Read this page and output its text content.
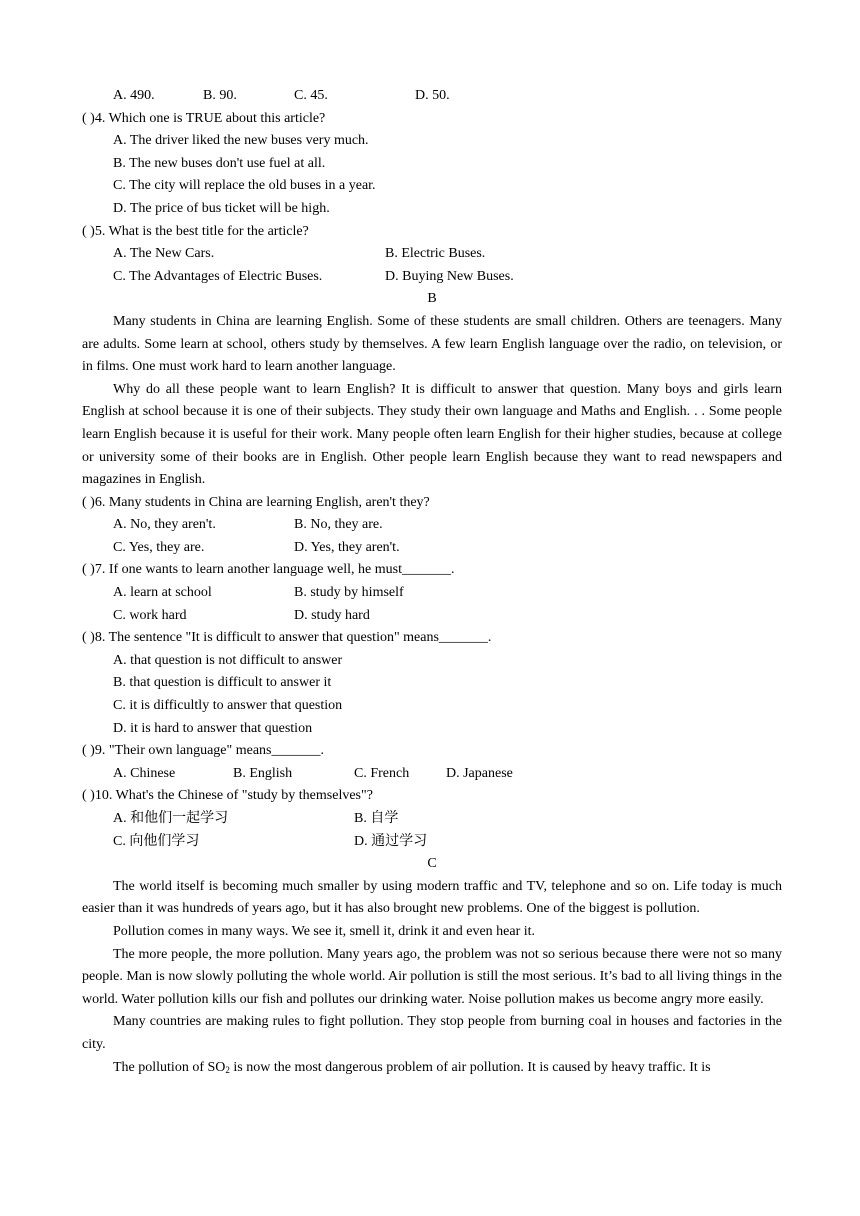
A. 490.	B. 90.	C. 45.	D. 50.
( )4. Which one is TRUE about this article?
A. The driver liked the new buses very much.
B. The new buses don't use fuel at all.
C. The city will replace the old buses in a year.
D. The price of bus ticket will be high.
( )5. What is the best title for the article?
A. The New Cars.	B. Electric Buses.
C. The Advantages of Electric Buses.	D. Buying New Buses.
B

Many students in China are learning English. Some of these students are small children. Others are teenagers. Many are adults. Some learn at school, others study by themselves. A few learn English language over the radio, on television, or in films. One must work hard to learn another language.

Why do all these people want to learn English? It is difficult to answer that question. Many boys and girls learn English at school because it is one of their subjects. They study their own language and Maths and English. . . Some people learn English because it is useful for their work. Many people often learn English for their higher studies, because at college or university some of their books are in English. Other people learn English because they want to read newspapers and magazines in English.

( )6. Many students in China are learning English, aren't they?
A. No, they aren't.	B. No, they are.
C. Yes, they are.	D. Yes, they aren't.
( )7. If one wants to learn another language well, he must_______.
A. learn at school	B. study by himself
C. work hard	D. study hard
( )8. The sentence "It is difficult to answer that question" means_______.
A. that question is not difficult to answer
B. that question is difficult to answer it
C. it is difficultly to answer that question
D. it is hard to answer that question
( )9. "Their own language" means_______.
A. Chinese	B. English	C. French	D. Japanese
( )10. What's the Chinese of "study by themselves"?
A. 和他们一起学习	B. 自学
C. 向他们学习	D. 通过学习
C

The world itself is becoming much smaller by using modern traffic and TV, telephone and so on. Life today is much easier than it was hundreds of years ago, but it has also brought new problems. One of the biggest is pollution.

Pollution comes in many ways. We see it, smell it, drink it and even hear it.

The more people, the more pollution. Many years ago, the problem was not so serious because there were not so many people. Man is now slowly polluting the whole world. Air pollution is still the most serious. It’s bad to all living things in the world. Water pollution kills our fish and pollutes our drinking water. Noise pollution makes us become angry more easily.

Many countries are making rules to fight pollution. They stop people from burning coal in houses and factories in the city.

The pollution of $SO_2$ is now the most dangerous problem of air pollution. It is caused by heavy traffic. It is
